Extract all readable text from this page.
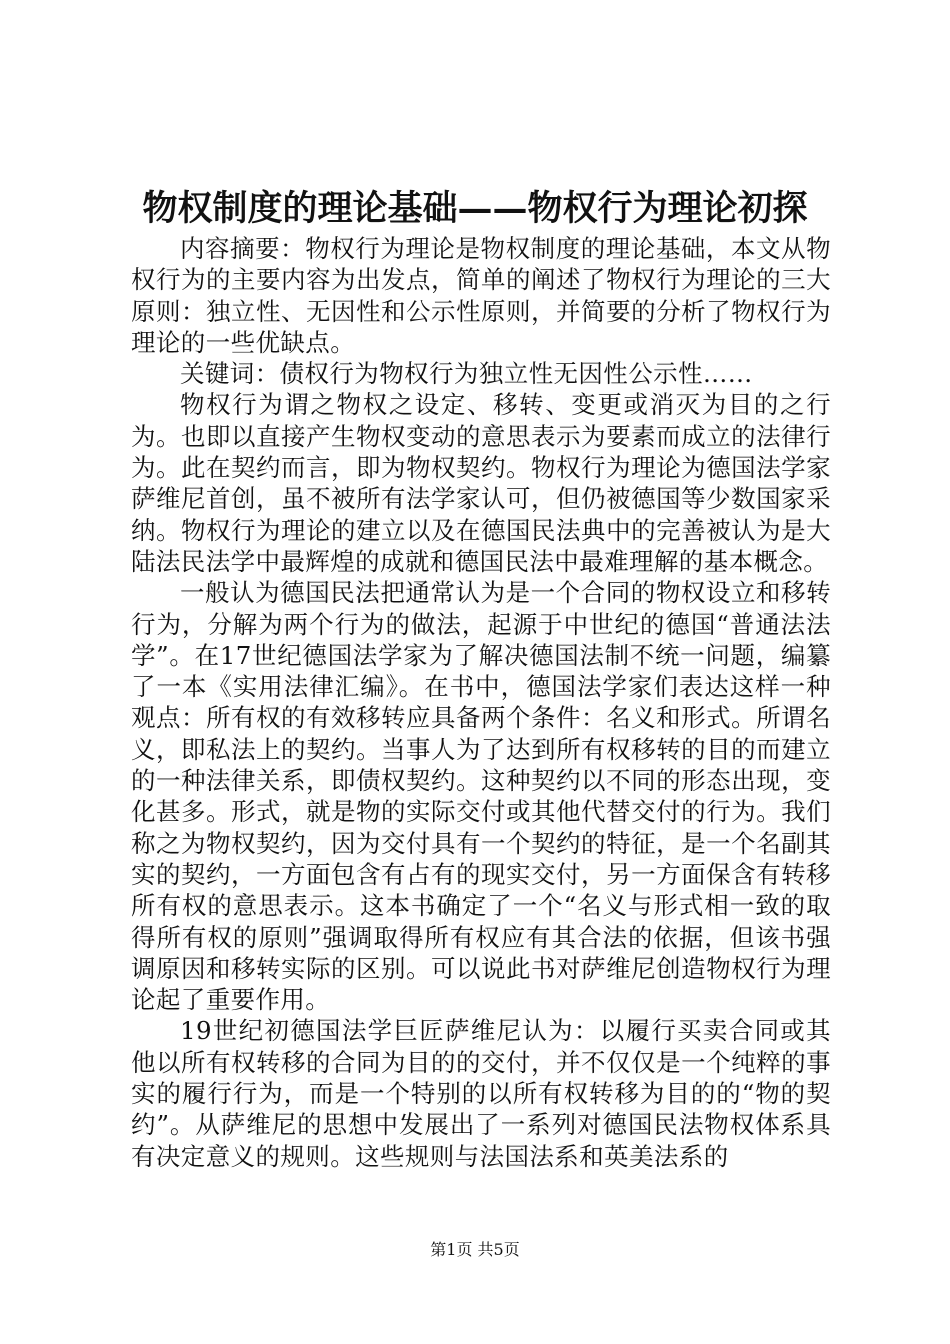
物权制度的理论基础——物权行为理论初探

内容摘要：物权行为理论是物权制度的理论基础，本文从物权行为的主要内容为出发点，简单的阐述了物权行为理论的三大原则：独立性、无因性和公示性原则，并简要的分析了物权行为理论的一些优缺点。

关键词：债权行为物权行为独立性无因性公示性……

物权行为谓之物权之设定、移转、变更或消灭为目的之行为。也即以直接产生物权变动的意思表示为要素而成立的法律行为。此在契约而言，即为物权契约。物权行为理论为德国法学家萨维尼首创，虽不被所有法学家认可，但仍被德国等少数国家采纳。物权行为理论的建立以及在德国民法典中的完善被认为是大陆法民法学中最辉煌的成就和德国民法中最难理解的基本概念。

一般认为德国民法把通常认为是一个合同的物权设立和移转行为，分解为两个行为的做法，起源于中世纪的德国“普通法法学”。在17世纪德国法学家为了解决德国法制不统一问题，编纂了一本《实用法律汇编》。在书中，德国法学家们表达这样一种观点：所有权的有效移转应具备两个条件：名义和形式。所谓名义，即私法上的契约。当事人为了达到所有权移转的目的而建立的一种法律关系，即债权契约。这种契约以不同的形态出现，变化甚多。形式，就是物的实际交付或其他代替交付的行为。我们称之为物权契约，因为交付具有一个契约的特征，是一个名副其实的契约，一方面包含有占有的现实交付，另一方面保含有转移所有权的意思表示。这本书确定了一个“名义与形式相一致的取得所有权的原则”强调取得所有权应有其合法的依据，但该书强调原因和移转实际的区别。可以说此书对萨维尼创造物权行为理论起了重要作用。

19世纪初德国法学巨匠萨维尼认为：以履行买卖合同或其他以所有权转移的合同为目的的交付，并不仅仅是一个纯粹的事实的履行行为，而是一个特别的以所有权转移为目的的“物的契约”。从萨维尼的思想中发展出了一系列对德国民法物权体系具有决定意义的规则。这些规则与法国法系和英美法系的

第1页 共5页
